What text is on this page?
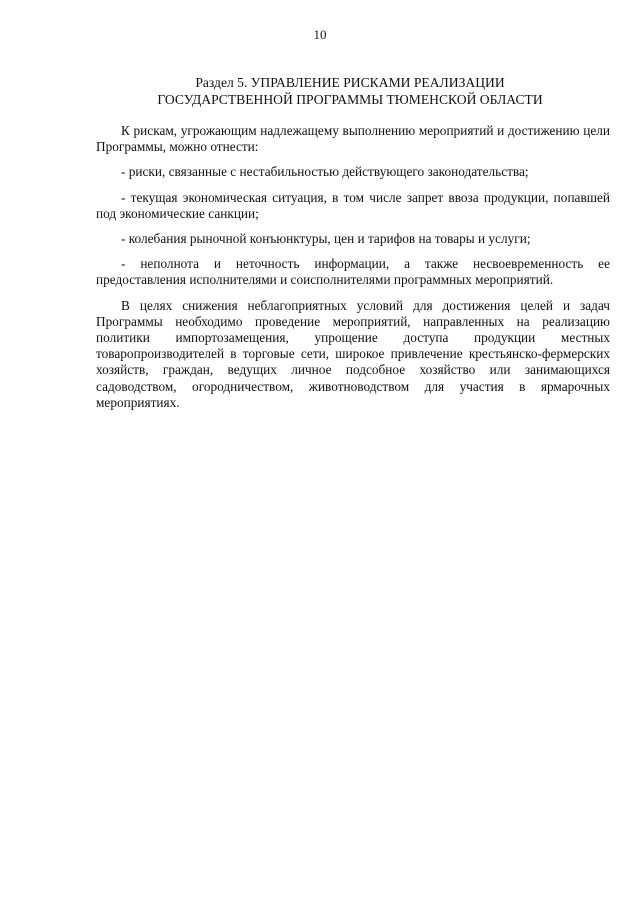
10
Раздел 5. УПРАВЛЕНИЕ РИСКАМИ РЕАЛИЗАЦИИ
ГОСУДАРСТВЕННОЙ ПРОГРАММЫ ТЮМЕНСКОЙ ОБЛАСТИ

К рискам, угрожающим надлежащему выполнению мероприятий и достижению цели Программы, можно отнести:

- риски, связанные с нестабильностью действующего законодательства;

- текущая экономическая ситуация, в том числе запрет ввоза продукции, попавшей под экономические санкции;

- колебания рыночной конъюнктуры, цен и тарифов на товары и услуги;

- неполнота и неточность информации, а также несвоевременность ее предоставления исполнителями и соисполнителями программных мероприятий.

В целях снижения неблагоприятных условий для достижения целей и задач Программы необходимо проведение мероприятий, направленных на реализацию политики импортозамещения, упрощение доступа продукции местных товаропроизводителей в торговые сети, широкое привлечение крестьянско-фермерских хозяйств, граждан, ведущих личное подсобное хозяйство или занимающихся садоводством, огородничеством, животноводством для участия в ярмарочных мероприятиях.
